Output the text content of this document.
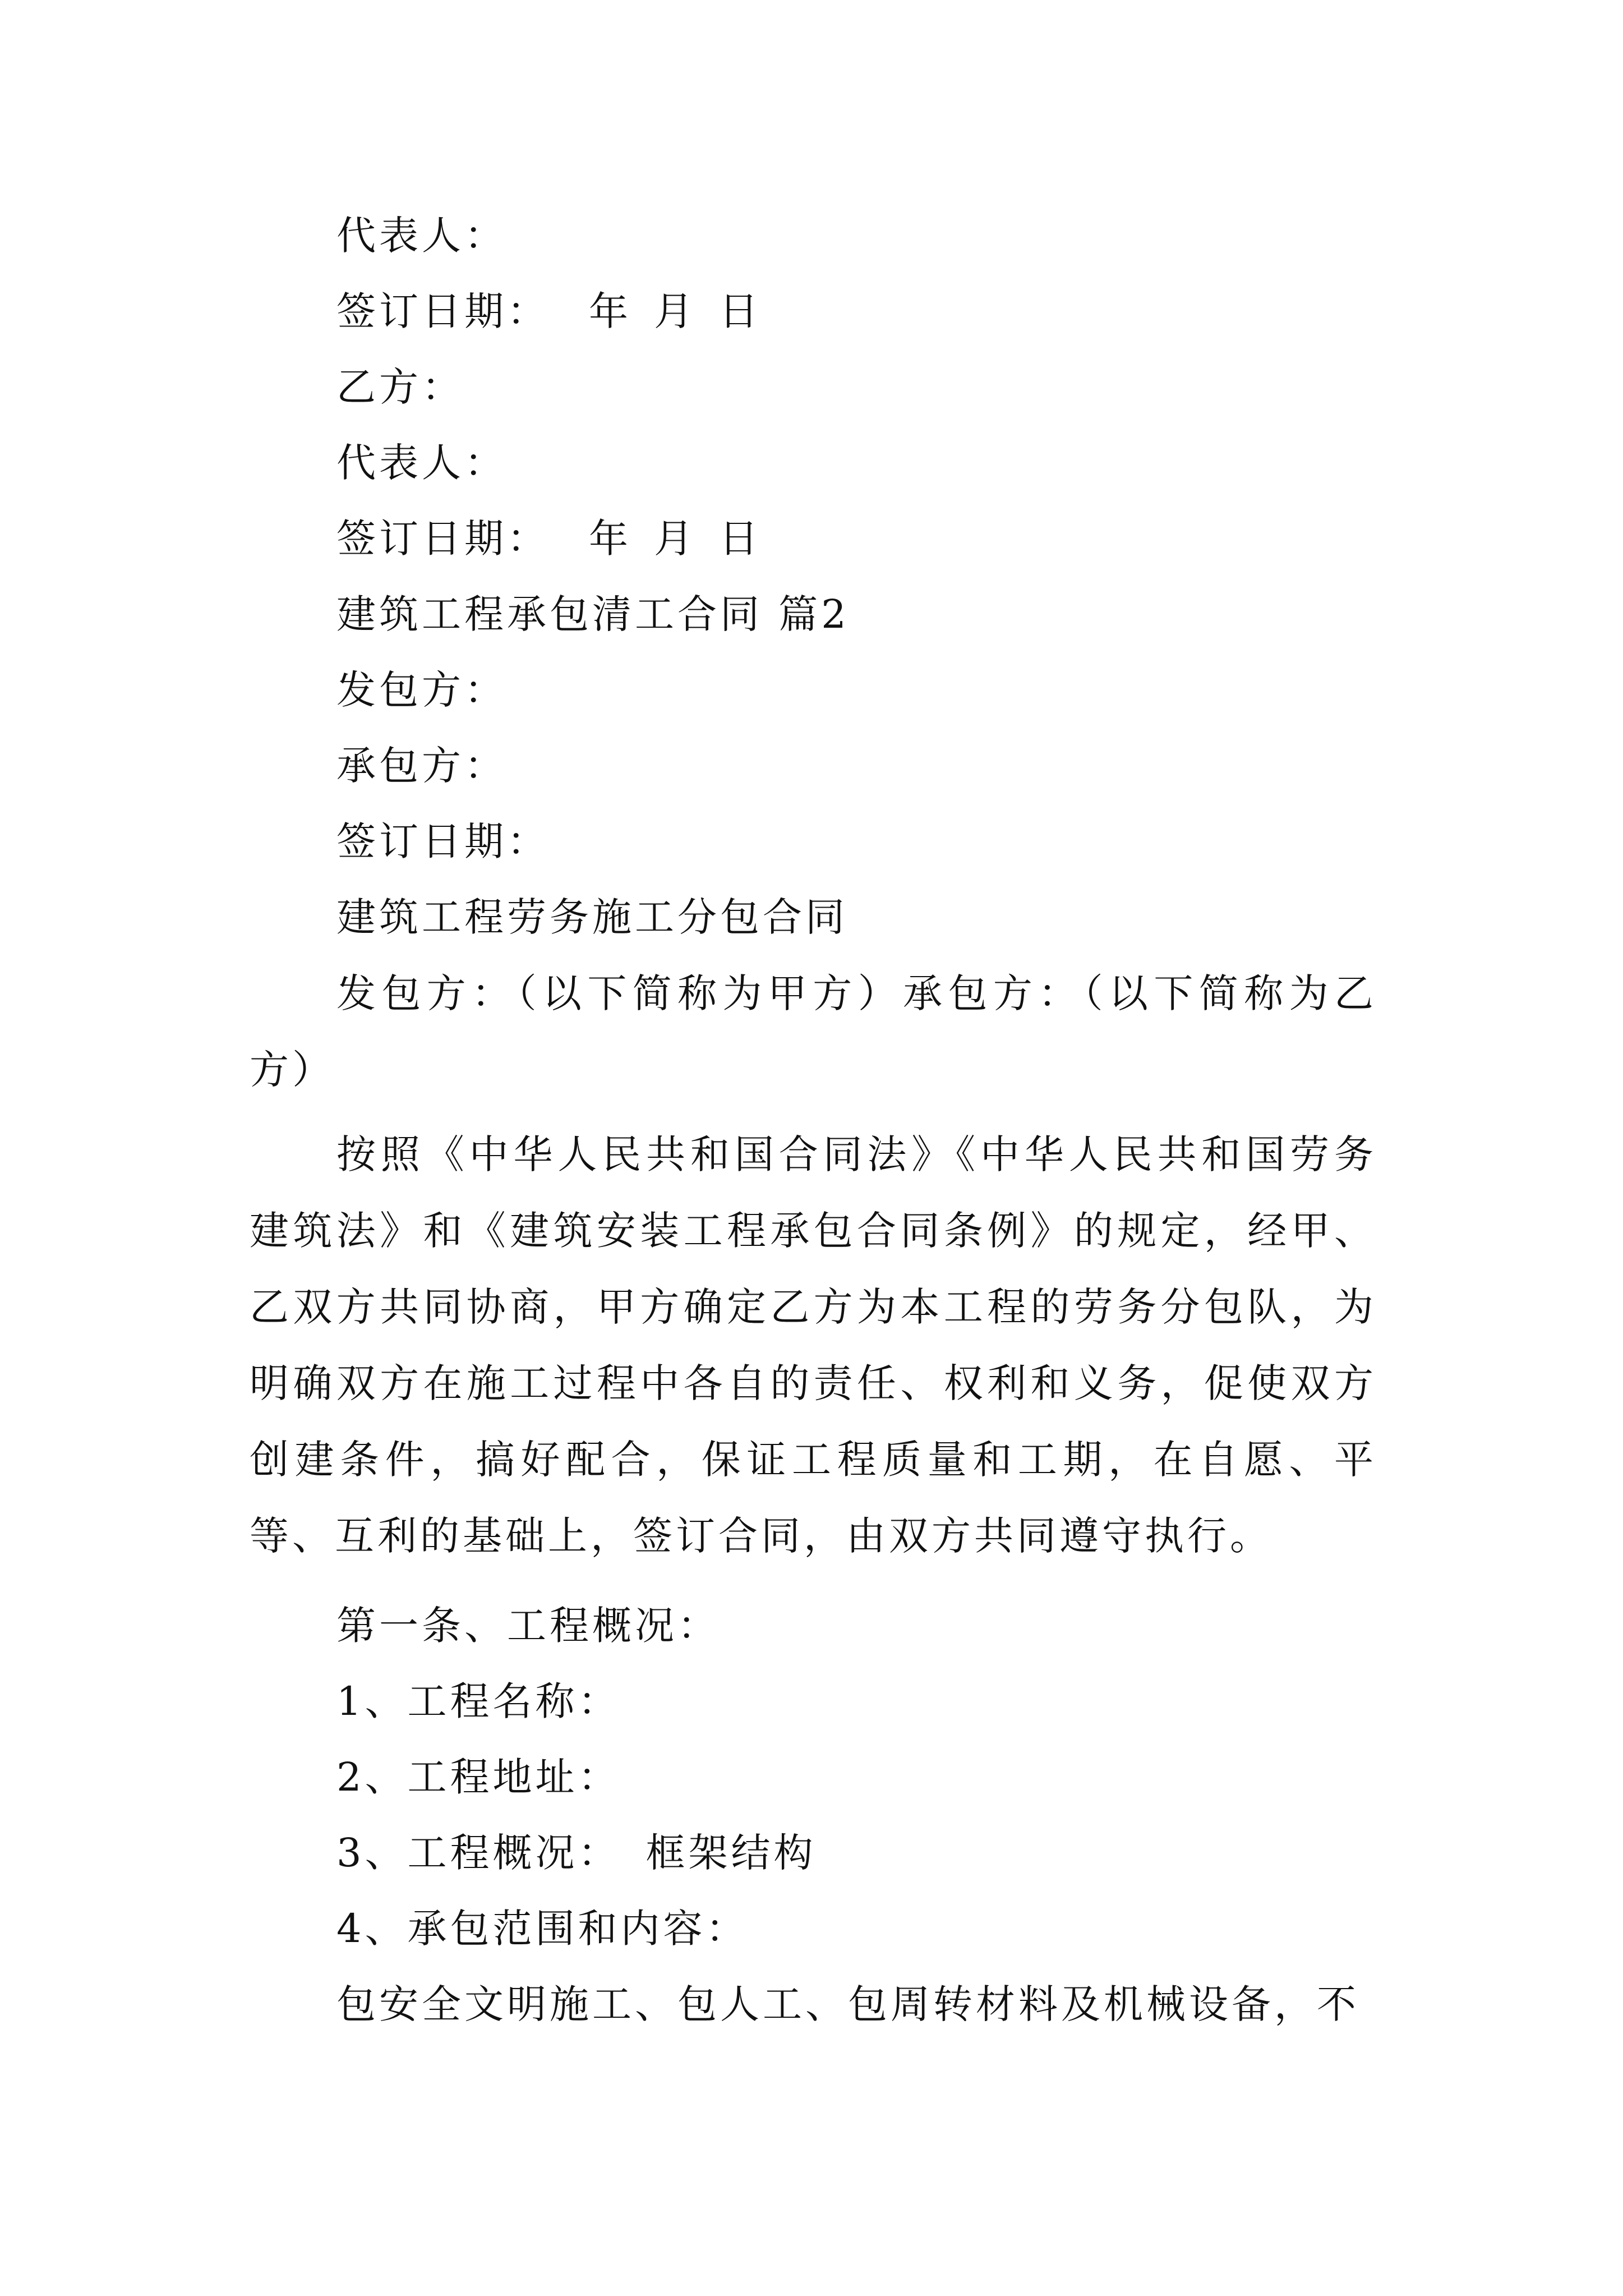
代表人：
签订日期： 年 月 日
乙方：
代表人：
签订日期： 年 月 日
建筑工程承包清工合同 篇2
发包方：
承包方：
签订日期：
建筑工程劳务施工分包合同
发包方：（以下简称为甲方）承包方：（以下简称为乙方）
按照《中华人民共和国合同法》《中华人民共和国劳务建筑法》和《建筑安装工程承包合同条例》的规定，经甲、乙双方共同协商，甲方确定乙方为本工程的劳务分包队，为明确双方在施工过程中各自的责任、权利和义务，促使双方创建条件，搞好配合，保证工程质量和工期，在自愿、平等、互利的基础上，签订合同，由双方共同遵守执行。
第一条、工程概况：
1、工程名称：
2、工程地址：
3、工程概况： 框架结构
4、承包范围和内容：
包安全文明施工、包人工、包周转材料及机械设备，不
